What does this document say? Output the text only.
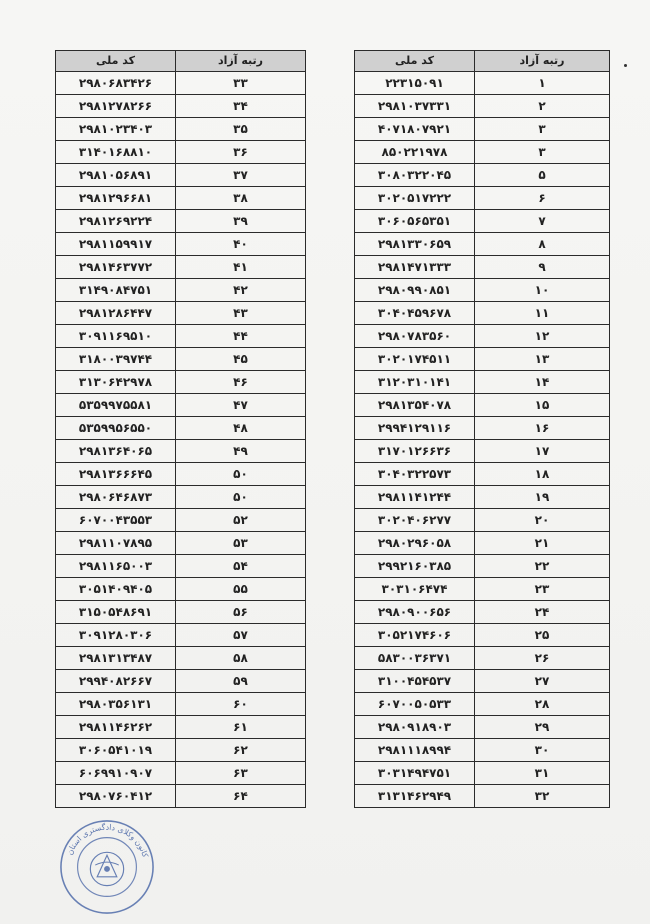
رتبه آزاد	کد ملی
۳۳	۲۹۸۰۶۸۳۴۲۶
۳۴	۲۹۸۱۲۷۸۲۶۶
۳۵	۲۹۸۱۰۲۳۴۰۳
۳۶	۳۱۴۰۱۶۸۸۱۰
۳۷	۲۹۸۱۰۵۶۸۹۱
۳۸	۲۹۸۱۲۹۶۶۸۱
۳۹	۲۹۸۱۲۶۹۲۲۴
۴۰	۲۹۸۱۱۵۹۹۱۷
۴۱	۲۹۸۱۴۶۳۷۷۲
۴۲	۳۱۴۹۰۸۴۷۵۱
۴۳	۲۹۸۱۲۸۶۴۴۷
۴۴	۳۰۹۱۱۶۹۵۱۰
۴۵	۳۱۸۰۰۳۹۷۴۴
۴۶	۳۱۳۰۶۴۲۹۷۸
۴۷	۵۳۵۹۹۷۵۵۸۱
۴۸	۵۳۵۹۹۵۶۵۵۰
۴۹	۲۹۸۱۳۶۴۰۶۵
۵۰	۲۹۸۱۳۶۶۶۴۵
۵۰	۲۹۸۰۶۴۶۸۷۳
۵۲	۶۰۷۰۰۴۳۵۵۳
۵۳	۲۹۸۱۱۰۷۸۹۵
۵۴	۲۹۸۱۱۶۵۰۰۳
۵۵	۳۰۵۱۴۰۹۴۰۵
۵۶	۳۱۵۰۵۴۸۶۹۱
۵۷	۳۰۹۱۲۸۰۳۰۶
۵۸	۲۹۸۱۳۱۳۴۸۷
۵۹	۲۹۹۴۰۸۲۶۶۷
۶۰	۲۹۸۰۳۵۶۱۳۱
۶۱	۲۹۸۱۱۴۶۲۶۲
۶۲	۳۰۶۰۵۴۱۰۱۹
۶۳	۶۰۶۹۹۱۰۹۰۷
۶۴	۲۹۸۰۷۶۰۴۱۲
رتبه آزاد	کد ملی
۱	۲۲۳۱۵۰۹۱
۲	۲۹۸۱۰۳۷۳۳۱
۳	۴۰۷۱۸۰۷۹۲۱
۳	۸۵۰۲۲۱۹۷۸
۵	۳۰۸۰۳۲۲۰۴۵
۶	۳۰۲۰۵۱۷۲۲۲
۷	۳۰۶۰۵۶۵۳۵۱
۸	۲۹۸۱۳۳۰۶۵۹
۹	۲۹۸۱۴۷۱۳۳۳
۱۰	۲۹۸۰۹۹۰۸۵۱
۱۱	۳۰۴۰۴۵۹۶۷۸
۱۲	۲۹۸۰۷۸۳۵۶۰
۱۳	۳۰۲۰۱۷۴۵۱۱
۱۴	۳۱۲۰۳۱۰۱۴۱
۱۵	۲۹۸۱۳۵۴۰۷۸
۱۶	۲۹۹۴۱۲۹۱۱۶
۱۷	۳۱۷۰۱۲۶۶۳۶
۱۸	۳۰۴۰۳۲۲۵۷۳
۱۹	۲۹۸۱۱۴۱۲۴۴
۲۰	۳۰۲۰۴۰۶۲۷۷
۲۱	۲۹۸۰۲۹۶۰۵۸
۲۲	۲۹۹۲۱۶۰۳۸۵
۲۳	۳۰۳۱۰۶۴۷۴
۲۴	۲۹۸۰۹۰۰۶۵۶
۲۵	۳۰۵۲۱۷۴۶۰۶
۲۶	۵۸۳۰۰۳۶۳۷۱
۲۷	۳۱۰۰۴۵۴۵۳۷
۲۸	۶۰۷۰۰۵۰۵۳۳
۲۹	۲۹۸۰۹۱۸۹۰۳
۳۰	۲۹۸۱۱۱۸۹۹۴
۳۱	۳۰۳۱۴۹۴۷۵۱
۳۲	۳۱۳۱۴۶۲۹۴۹
کانون وکلای دادگستری استان
